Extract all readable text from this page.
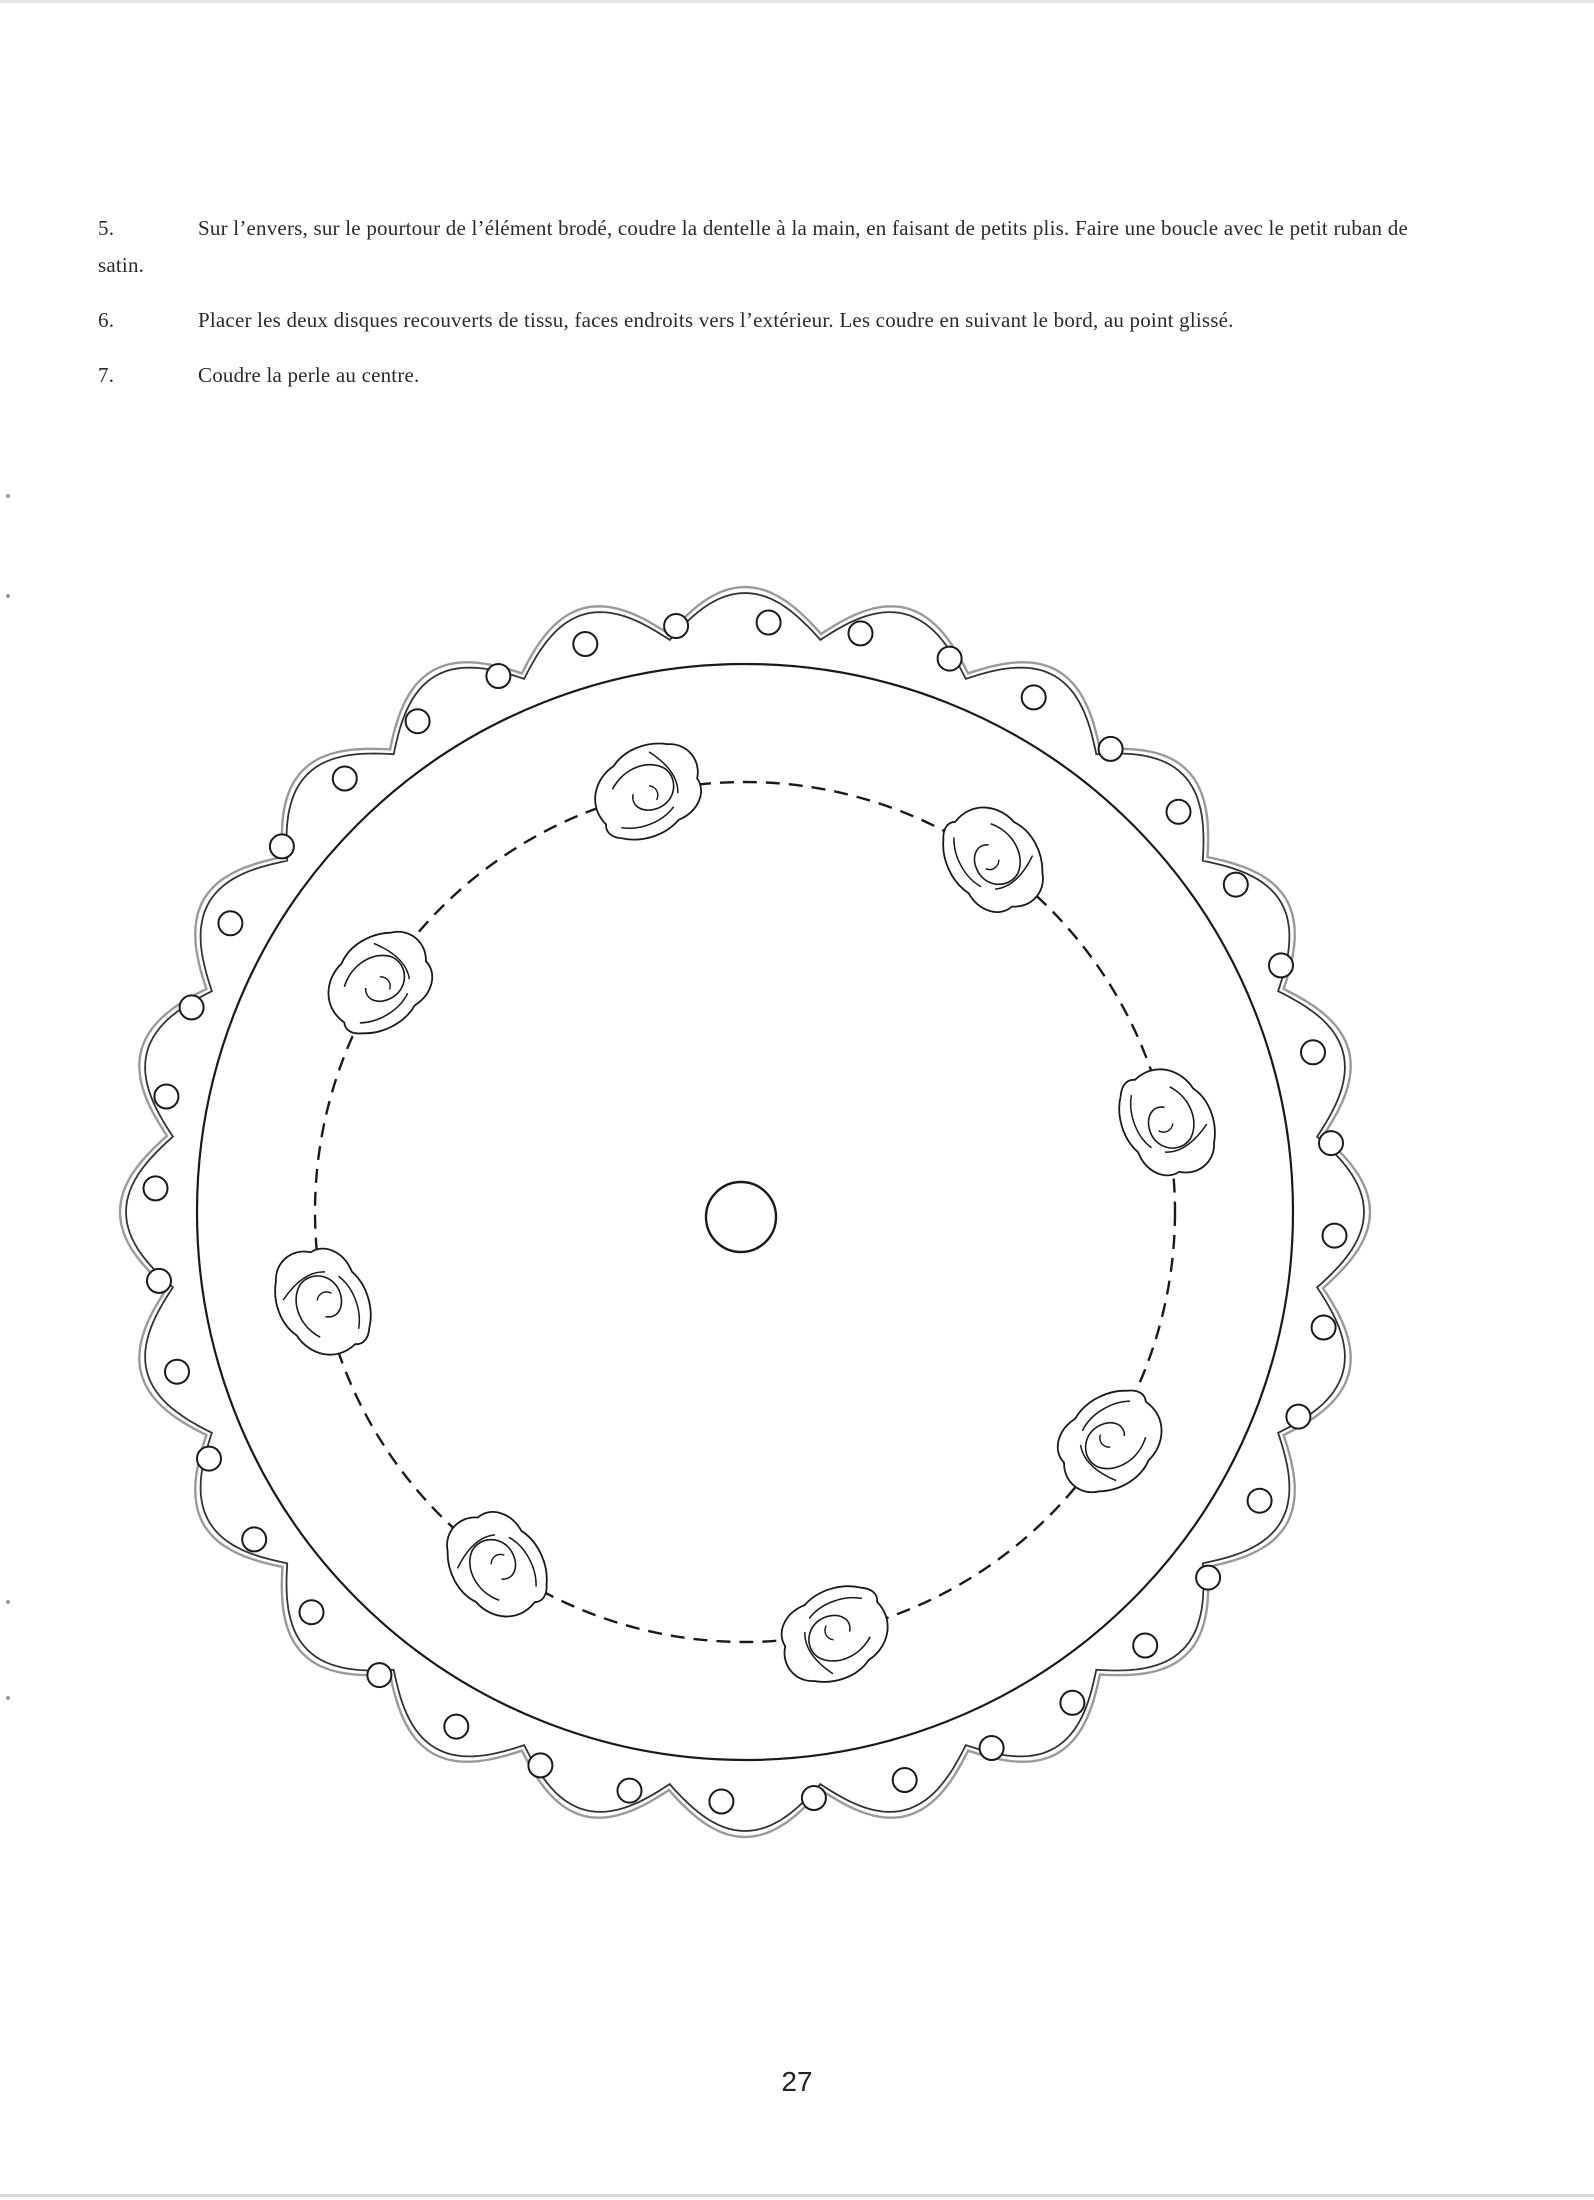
5.	Sur l’envers, sur le pourtour de l’élément brodé, coudre la dentelle à la main, en faisant de petits plis. Faire une boucle avec le petit ruban de satin.

6.	Placer les deux disques recouverts de tissu, faces endroits vers l’extérieur. Les coudre en suivant le bord, au point glissé.

7.	Coudre la perle au centre.

27
